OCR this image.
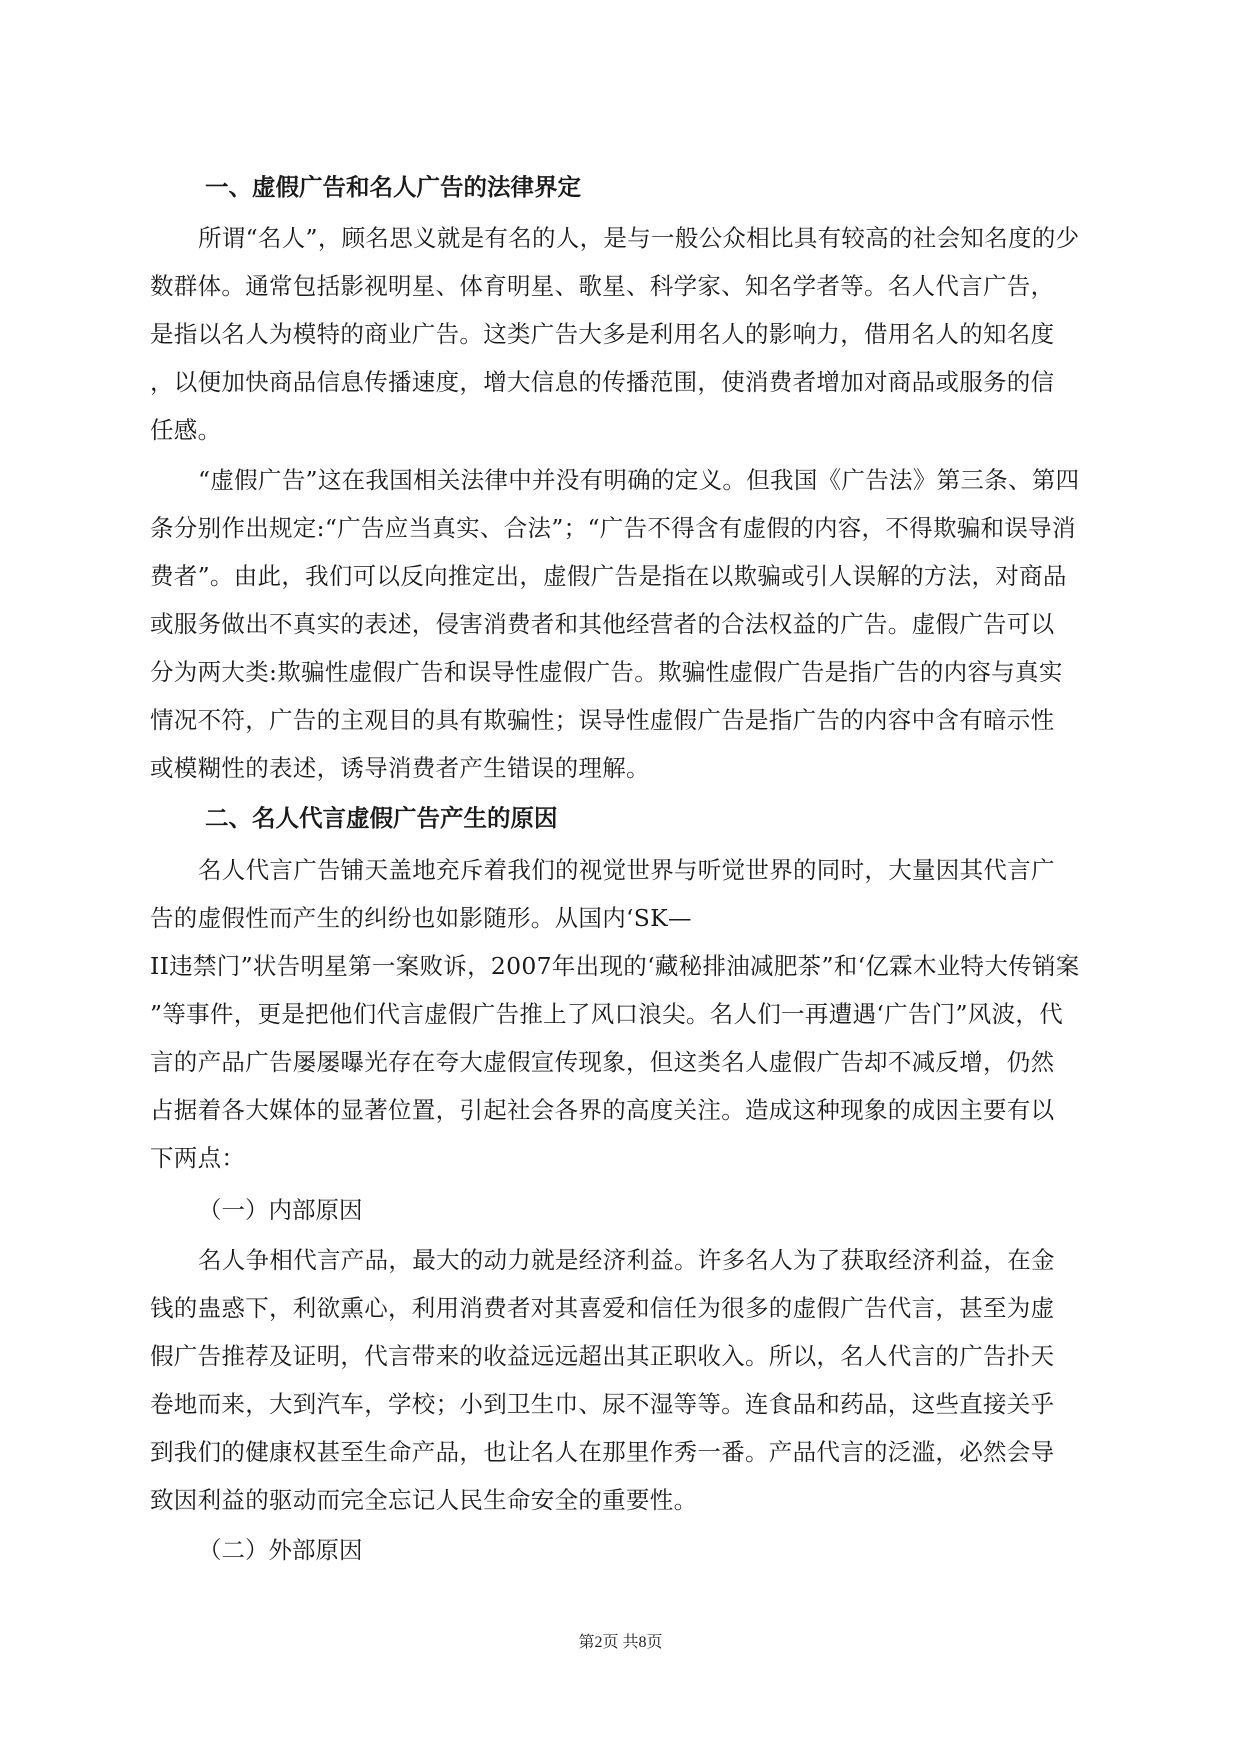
一、虚假广告和名人广告的法律界定
所谓“名人”，顾名思义就是有名的人，是与一般公众相比具有较高的社会知名度的少
数群体。通常包括影视明星、体育明星、歌星、科学家、知名学者等。名人代言广告，
是指以名人为模特的商业广告。这类广告大多是利用名人的影响力，借用名人的知名度
，以便加快商品信息传播速度，增大信息的传播范围，使消费者增加对商品或服务的信
任感。
“虚假广告”这在我国相关法律中并没有明确的定义。但我国《广告法》第三条、第四
条分别作出规定:“广告应当真实、合法”；“广告不得含有虚假的内容，不得欺骗和误导消
费者”。由此，我们可以反向推定出，虚假广告是指在以欺骗或引人误解的方法，对商品
或服务做出不真实的表述，侵害消费者和其他经营者的合法权益的广告。虚假广告可以
分为两大类:欺骗性虚假广告和误导性虚假广告。欺骗性虚假广告是指广告的内容与真实
情况不符，广告的主观目的具有欺骗性；误导性虚假广告是指广告的内容中含有暗示性
或模糊性的表述，诱导消费者产生错误的理解。
二、名人代言虚假广告产生的原因
名人代言广告铺天盖地充斥着我们的视觉世界与听觉世界的同时，大量因其代言广
告的虚假性而产生的纠纷也如影随形。从国内‘SK—
II违禁门”状告明星第一案败诉，2007年出现的‘藏秘排油减肥茶”和‘亿霖木业特大传销案
”等事件，更是把他们代言虚假广告推上了风口浪尖。名人们一再遭遇‘广告门”风波，代
言的产品广告屡屡曝光存在夸大虚假宣传现象，但这类名人虚假广告却不减反增，仍然
占据着各大媒体的显著位置，引起社会各界的高度关注。造成这种现象的成因主要有以
下两点：
（一）内部原因
名人争相代言产品，最大的动力就是经济利益。许多名人为了获取经济利益，在金
钱的蛊惑下，利欲熏心，利用消费者对其喜爱和信任为很多的虚假广告代言，甚至为虚
假广告推荐及证明，代言带来的收益远远超出其正职收入。所以，名人代言的广告扑天
卷地而来，大到汽车，学校；小到卫生巾、尿不湿等等。连食品和药品，这些直接关乎
到我们的健康权甚至生命产品，也让名人在那里作秀一番。产品代言的泛滥，必然会导
致因利益的驱动而完全忘记人民生命安全的重要性。
（二）外部原因
第2页 共8页
